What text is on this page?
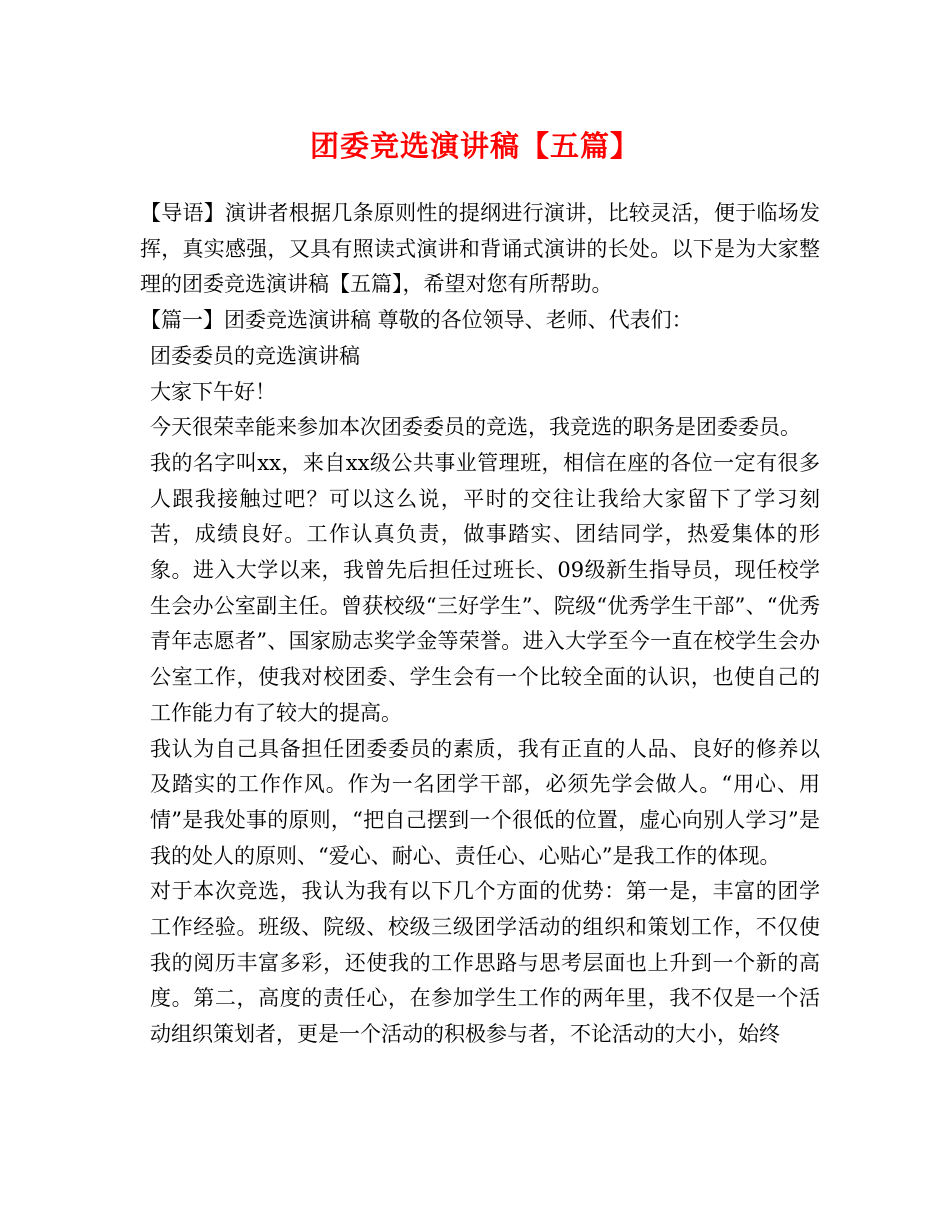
团委竞选演讲稿【五篇】

【导语】演讲者根据几条原则性的提纲进行演讲，比较灵活，便于临场发挥，真实感强，又具有照读式演讲和背诵式演讲的长处。以下是为大家整理的团委竞选演讲稿【五篇】，希望对您有所帮助。

【篇一】团委竞选演讲稿 尊敬的各位领导、老师、代表们：

团委委员的竞选演讲稿

大家下午好！

今天很荣幸能来参加本次团委委员的竞选，我竞选的职务是团委委员。

我的名字叫xx，来自xx级公共事业管理班，相信在座的各位一定有很多人跟我接触过吧？可以这么说，平时的交往让我给大家留下了学习刻苦，成绩良好。工作认真负责，做事踏实、团结同学，热爱集体的形象。进入大学以来，我曾先后担任过班长、09级新生指导员，现任校学生会办公室副主任。曾获校级“三好学生”、院级“优秀学生干部”、“优秀青年志愿者”、国家励志奖学金等荣誉。进入大学至今一直在校学生会办公室工作，使我对校团委、学生会有一个比较全面的认识，也使自己的工作能力有了较大的提高。

我认为自己具备担任团委委员的素质，我有正直的人品、良好的修养以及踏实的工作作风。作为一名团学干部，必须先学会做人。“用心、用情”是我处事的原则，“把自己摆到一个很低的位置，虚心向别人学习”是我的处人的原则、“爱心、耐心、责任心、心贴心”是我工作的体现。

对于本次竞选，我认为我有以下几个方面的优势：第一是，丰富的团学工作经验。班级、院级、校级三级团学活动的组织和策划工作，不仅使我的阅历丰富多彩，还使我的工作思路与思考层面也上升到一个新的高度。第二，高度的责任心，在参加学生工作的两年里，我不仅是一个活动组织策划者，更是一个活动的积极参与者，不论活动的大小，始终
